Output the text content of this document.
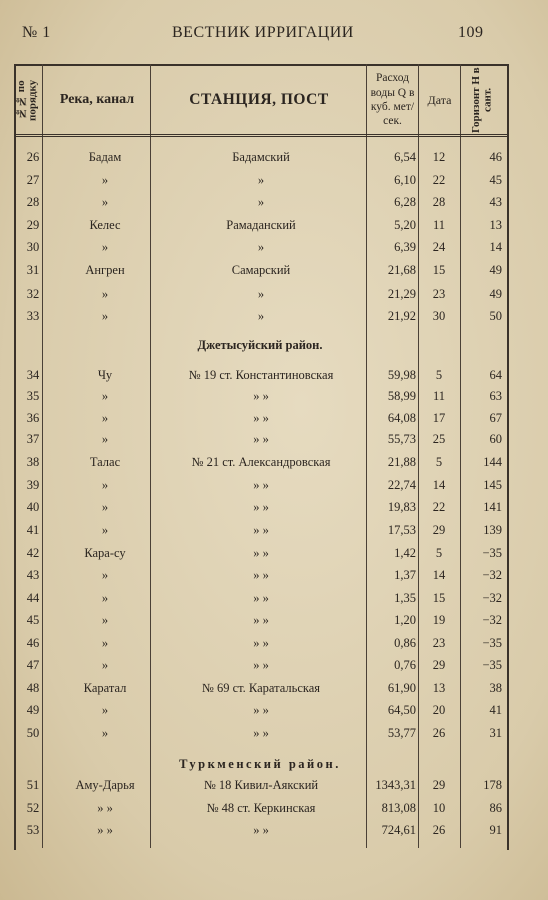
№ 1	ВЕСТНИК ИРРИГАЦИИ	109
№№ по порядку	Река, канал	СТАНЦИЯ, ПОСТ
Расход воды Q в куб. мет/сек.
Дата	Горизонт H в сант.
Джетысуйский район.
Туркменский район.
26	Бадам	Бадамский	6,54	12	46
27	»	»	6,10	22	45
28	»	»	6,28	28	43
29	Келес	Рамаданский	5,20	11	13
30	»	»	6,39	24	14
31	Ангрен	Самарский	21,68	15	49
32	»	»	21,29	23	49
33	»	»	21,92	30	50
34	Чу	№ 19 ст. Константиновская	59,98	5	64
35	»	» »	58,99	11	63
36	»	» »	64,08	17	67
37	»	» »	55,73	25	60
38	Талас	№ 21 ст. Александровская	21,88	5	144
39	»	» »	22,74	14	145
40	»	» »	19,83	22	141
41	»	» »	17,53	29	139
42	Кара-су	» »	1,42	5	−35
43	»	» »	1,37	14	−32
44	»	» »	1,35	15	−32
45	»	» »	1,20	19	−32
46	»	» »	0,86	23	−35
47	»	» »	0,76	29	−35
48	Каратал	№ 69 ст. Каратальская	61,90	13	38
49	»	» »	64,50	20	41
50	»	» »	53,77	26	31
51	Аму-Дарья	№ 18 Кивил-Аякский	1343,31	29	178
52	» »	№ 48 ст. Керкинская	813,08	10	86
53	» »	» »	724,61	26	91
